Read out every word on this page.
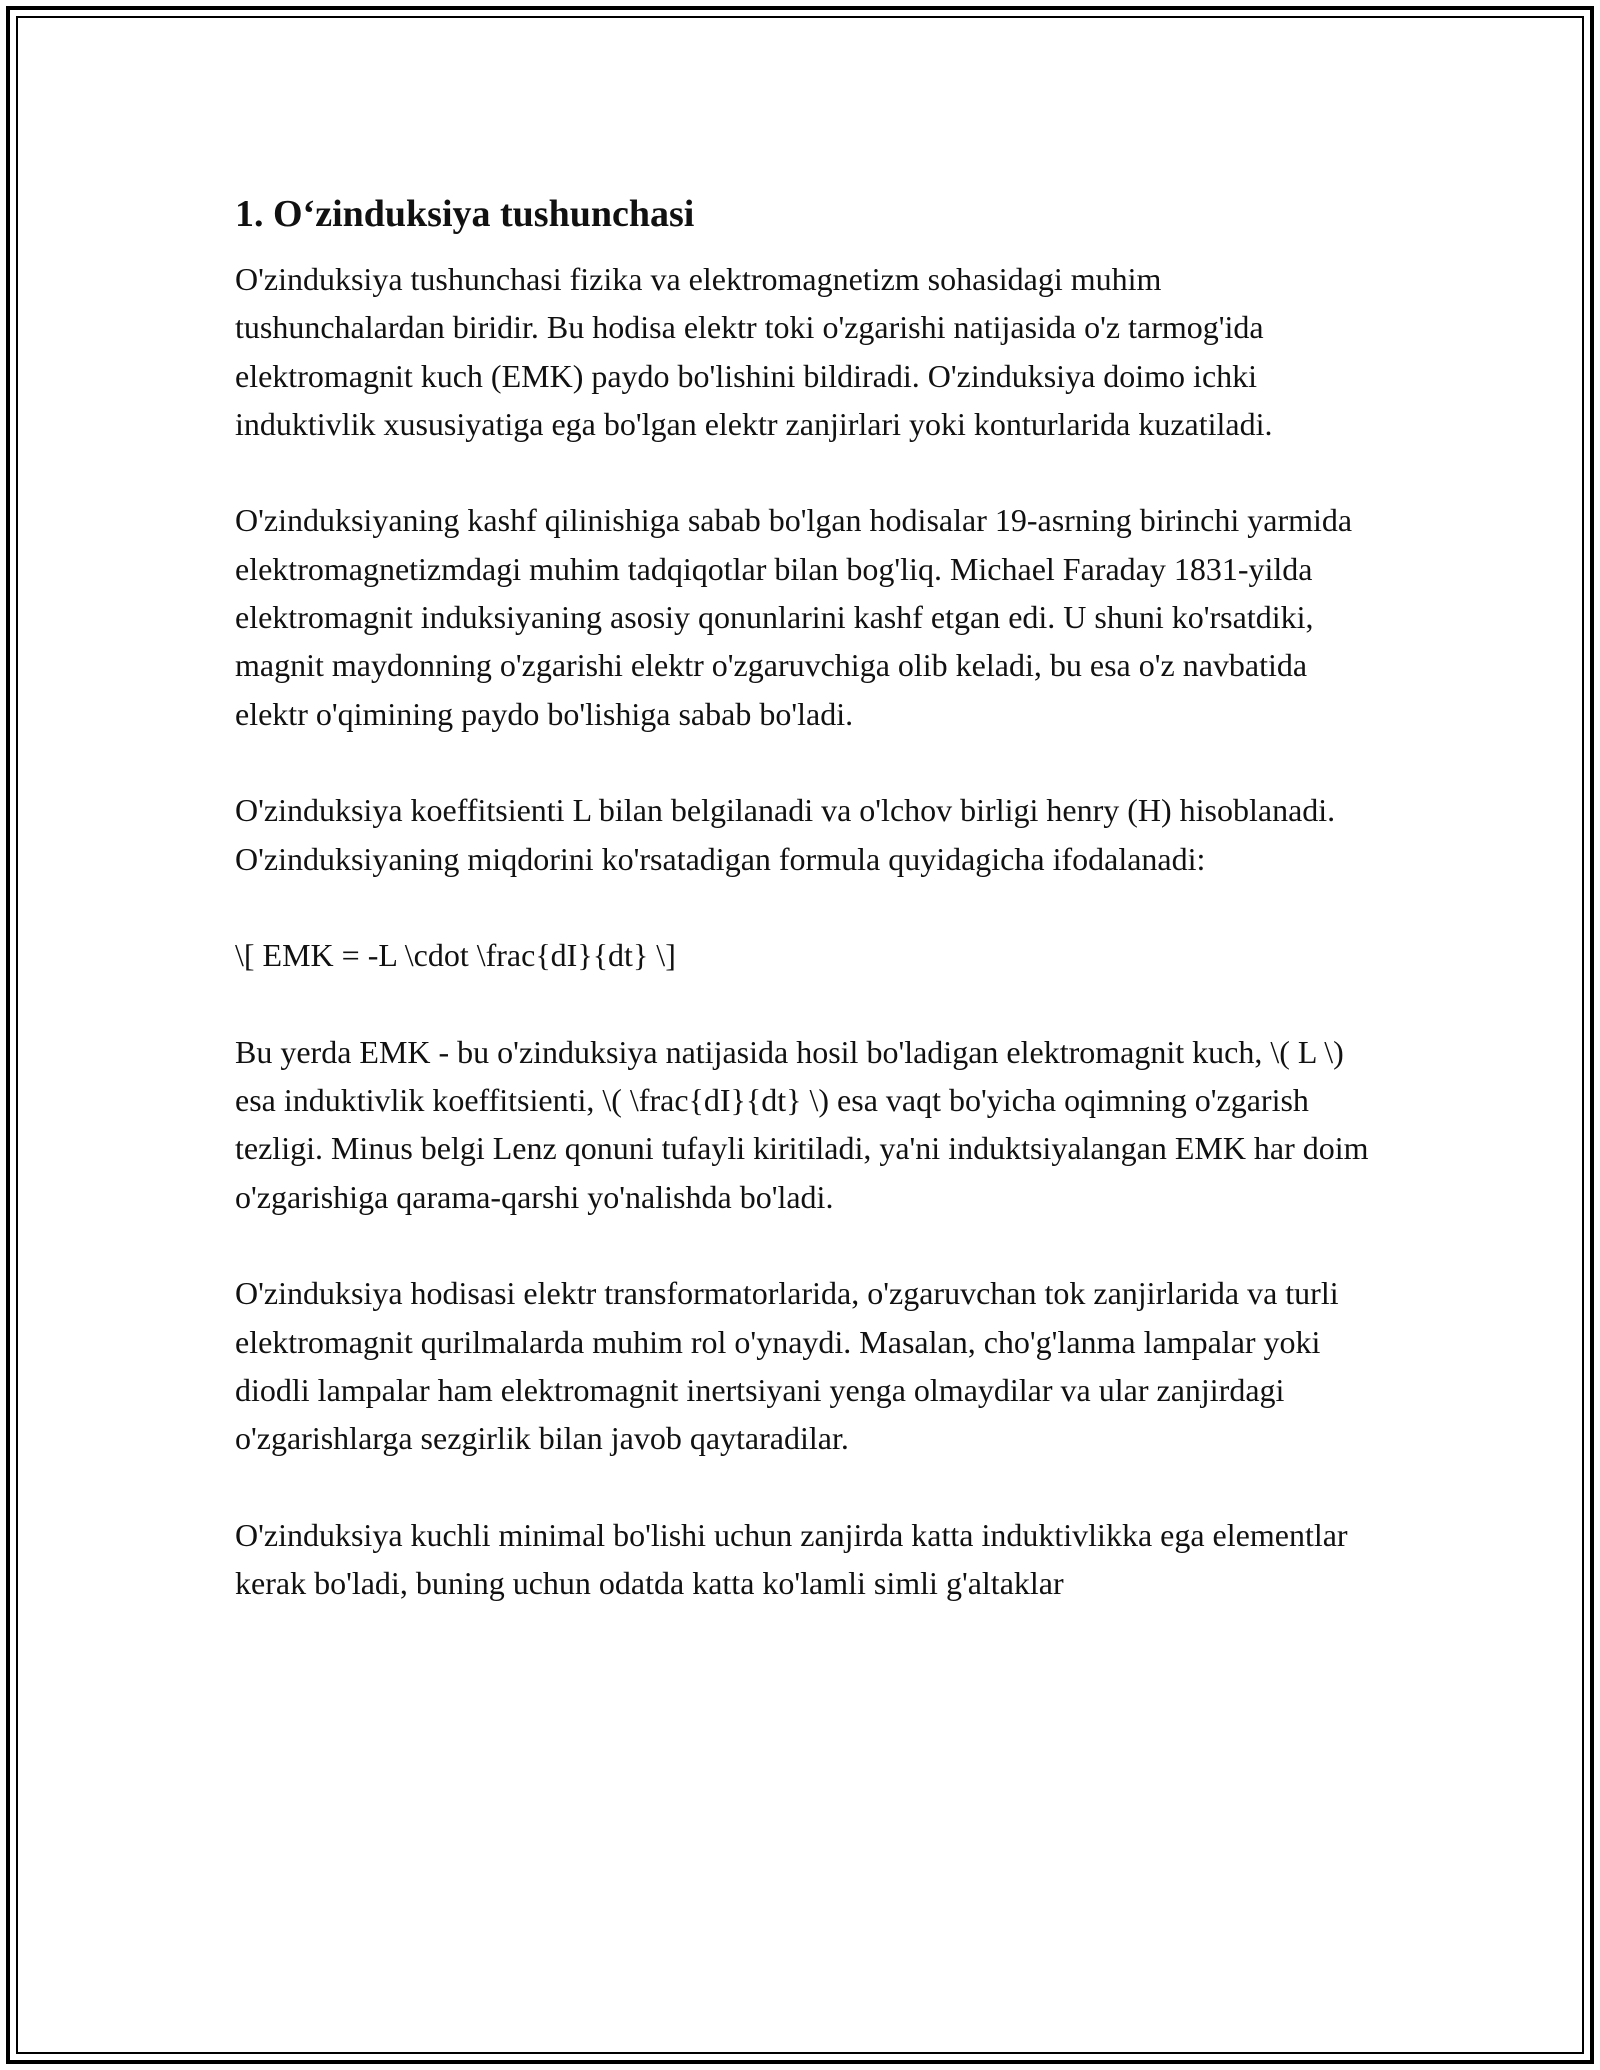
1. O‘zinduksiya tushunchasi

O'zinduksiya tushunchasi fizika va elektromagnetizm sohasidagi muhim tushunchalardan biridir. Bu hodisa elektr toki o'zgarishi natijasida o'z tarmog'ida elektromagnit kuch (EMK) paydo bo'lishini bildiradi. O'zinduksiya doimo ichki induktivlik xususiyatiga ega bo'lgan elektr zanjirlari yoki konturlarida kuzatiladi.

O'zinduksiyaning kashf qilinishiga sabab bo'lgan hodisalar 19-asrning birinchi yarmida elektromagnetizmdagi muhim tadqiqotlar bilan bog'liq. Michael Faraday 1831-yilda elektromagnit induksiyaning asosiy qonunlarini kashf etgan edi. U shuni ko'rsatdiki, magnit maydonning o'zgarishi elektr o'zgaruvchiga olib keladi, bu esa o'z navbatida elektr o'qimining paydo bo'lishiga sabab bo'ladi.

O'zinduksiya koeffitsienti L bilan belgilanadi va o'lchov birligi henry (H) hisoblanadi. O'zinduksiyaning miqdorini ko'rsatadigan formula quyidagicha ifodalanadi:

\[ EMK = -L \cdot \frac{dI}{dt} \]

Bu yerda EMK - bu o'zinduksiya natijasida hosil bo'ladigan elektromagnit kuch, \( L \) esa induktivlik koeffitsienti, \( \frac{dI}{dt} \) esa vaqt bo'yicha oqimning o'zgarish tezligi. Minus belgi Lenz qonuni tufayli kiritiladi, ya'ni induktsiyalangan EMK har doim o'zgarishiga qarama-qarshi yo'nalishda bo'ladi.

O'zinduksiya hodisasi elektr transformatorlarida, o'zgaruvchan tok zanjirlarida va turli elektromagnit qurilmalarda muhim rol o'ynaydi. Masalan, cho'g'lanma lampalar yoki diodli lampalar ham elektromagnit inertsiyani yenga olmaydilar va ular zanjirdagi o'zgarishlarga sezgirlik bilan javob qaytaradilar.

O'zinduksiya kuchli minimal bo'lishi uchun zanjirda katta induktivlikka ega elementlar kerak bo'ladi, buning uchun odatda katta ko'lamli simli g'altaklar
